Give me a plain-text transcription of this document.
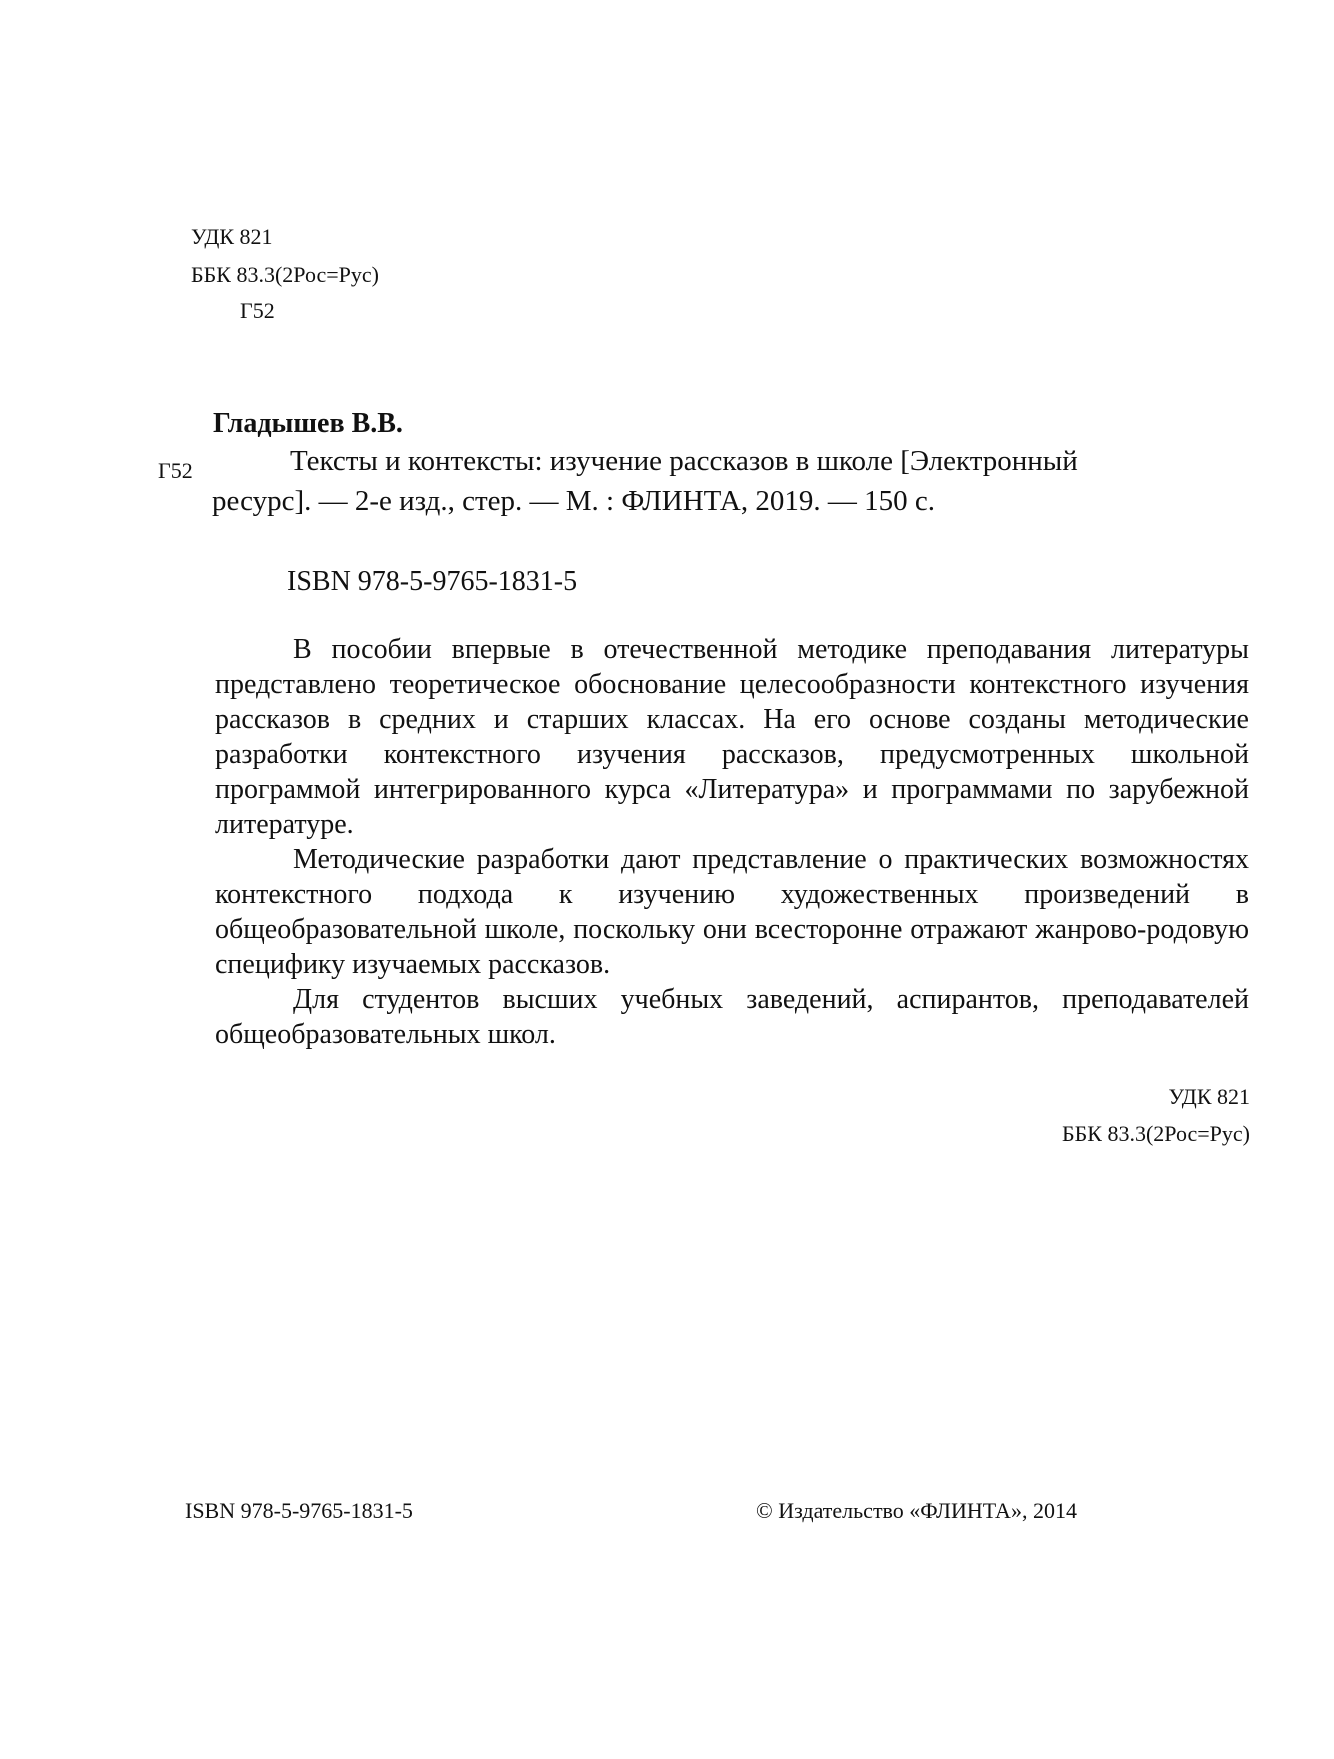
УДК 821
ББК 83.3(2Рос=Рус)
Г52
Гладышев В.В.
Г52	Тексты и контексты: изучение рассказов в школе [Электронный
ресурс]. — 2-е изд., стер. — М. : ФЛИНТА, 2019. — 150 с.
ISBN 978-5-9765-1831-5

В пособии впервые в отечественной методике преподавания литературы представлено теоретическое обоснование целесообразности контекстного изучения рассказов в средних и старших классах. На его основе созданы методические разработки контекстного изучения рассказов, предусмотренных школьной программой интегрированного курса «Литература» и программами по зарубежной литературе.

Методические разработки дают представление о практических возможностях контекстного подхода к изучению художественных произведений в общеобразовательной школе, поскольку они всесторонне отражают жанрово-родовую специфику изучаемых рассказов.

Для студентов высших учебных заведений, аспирантов, преподавателей общеобразовательных школ.

УДК 821
ББК 83.3(2Рос=Рус)
ISBN 978-5-9765-1831-5	© Издательство «ФЛИНТА», 2014
